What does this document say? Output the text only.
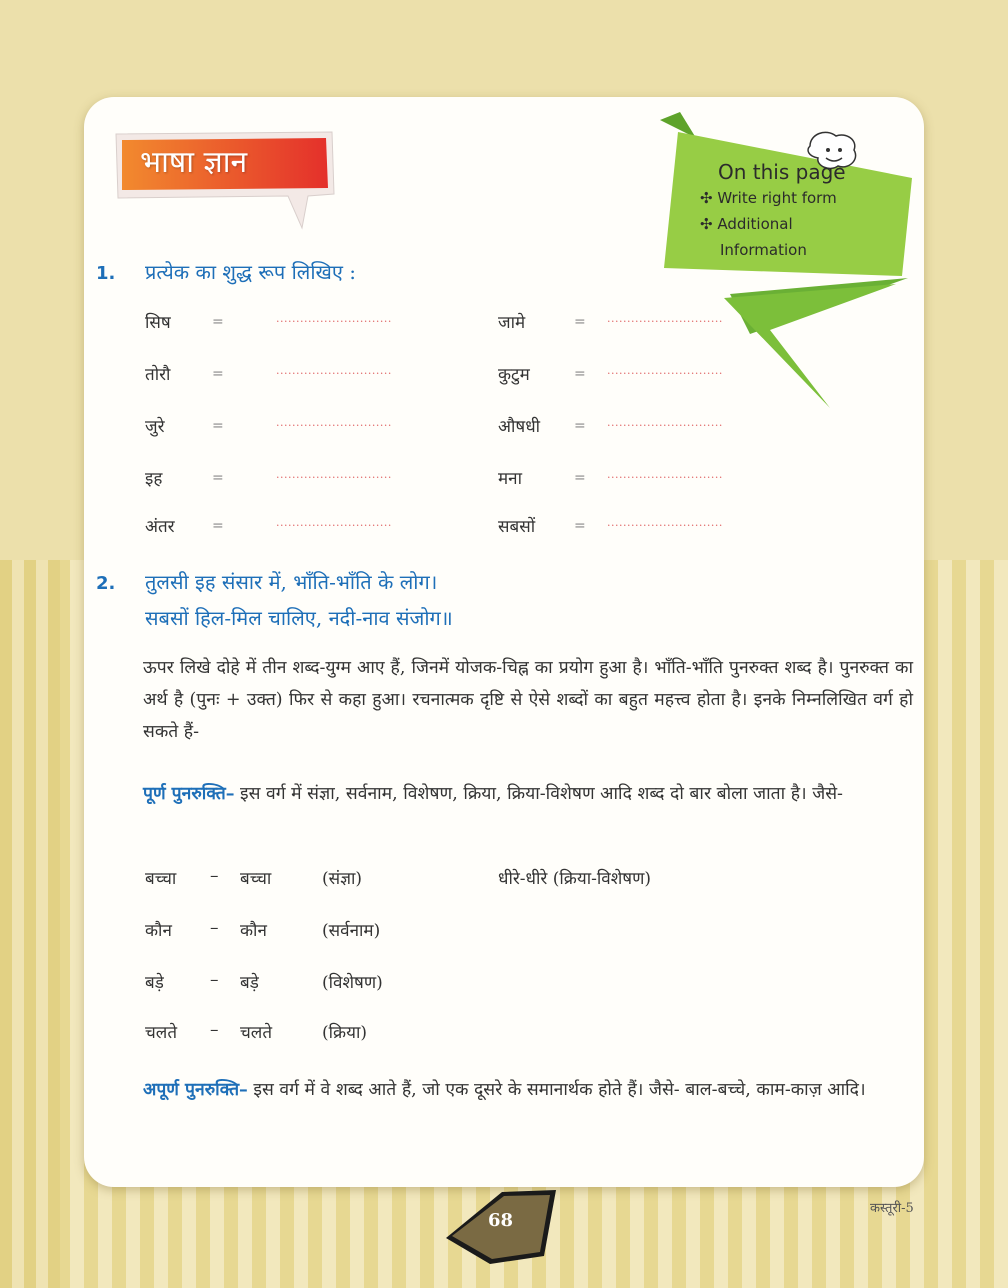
भाषा ज्ञान	On this page
✣ Write right form
✣ Additional
Information
1. प्रत्येक का शुद्ध रूप लिखिए :
सिष	=	.............................	जामे	= .............................
तोरौ	=	.............................	कुटुम	= .............................
जुरे	=	.............................	औषधी = .............................
इह	=	.............................	मना	= .............................
अंतर	=	.............................	सबसों	= .............................
2. तुलसी इह संसार में, भाँति-भाँति के लोग।
सबसों हिल-मिल चालिए, नदी-नाव संजोग॥
ऊपर लिखे दोहे में तीन शब्द-युग्म आए हैं, जिनमें योजक-चिह्न का प्रयोग हुआ है। भाँति-भाँति पुनरुक्त शब्द है। पुनरुक्त का अर्थ है (पुनः + उक्त) फिर से कहा हुआ। रचनात्मक दृष्टि से ऐसे शब्दों का बहुत महत्त्व होता है। इनके निम्नलिखित वर्ग हो सकते हैं-
पूर्ण पुनरुक्ति– इस वर्ग में संज्ञा, सर्वनाम, विशेषण, क्रिया, क्रिया-विशेषण आदि शब्द दो बार बोला जाता है। जैसे-
बच्चा – बच्चा	(संज्ञा)	धीरे-धीरे (क्रिया-विशेषण)
कौन – कौन	(सर्वनाम)
बड़े	– बड़े	(विशेषण)
चलते – चलते	(क्रिया)
अपूर्ण पुनरुक्ति– इस वर्ग में वे शब्द आते हैं, जो एक दूसरे के समानार्थक होते हैं। जैसे- बाल-बच्चे, काम-काज़ आदि।
68
कस्तूरी-5
